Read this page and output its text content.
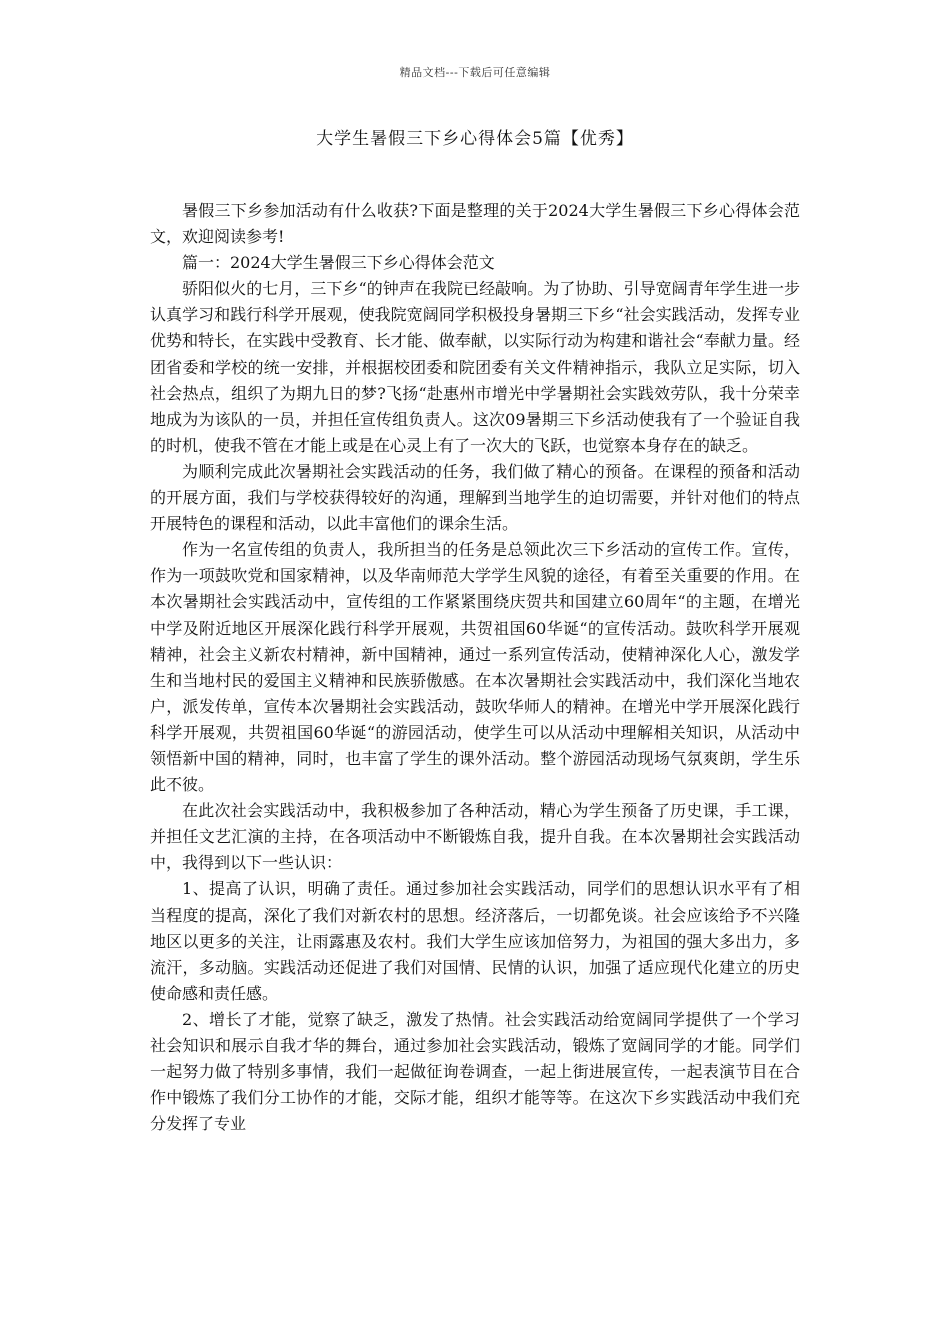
精品文档---下载后可任意编辑
大学生暑假三下乡心得体会5篇【优秀】

暑假三下乡参加活动有什么收获?下面是整理的关于2024大学生暑假三下乡心得体会范文，欢迎阅读参考!

篇一：2024大学生暑假三下乡心得体会范文

骄阳似火的七月，三下乡“的钟声在我院已经敲响。为了协助、引导宽阔青年学生进一步认真学习和践行科学开展观，使我院宽阔同学积极投身暑期三下乡“社会实践活动，发挥专业优势和特长，在实践中受教育、长才能、做奉献，以实际行动为构建和谐社会“奉献力量。经团省委和学校的统一安排，并根据校团委和院团委有关文件精神指示，我队立足实际，切入社会热点，组织了为期九日的梦?飞扬“赴惠州市增光中学暑期社会实践效劳队，我十分荣幸地成为为该队的一员，并担任宣传组负责人。这次09暑期三下乡活动使我有了一个验证自我的时机，使我不管在才能上或是在心灵上有了一次大的飞跃，也觉察本身存在的缺乏。

为顺利完成此次暑期社会实践活动的任务，我们做了精心的预备。在课程的预备和活动的开展方面，我们与学校获得较好的沟通，理解到当地学生的迫切需要，并针对他们的特点开展特色的课程和活动，以此丰富他们的课余生活。

作为一名宣传组的负责人，我所担当的任务是总领此次三下乡活动的宣传工作。宣传，作为一项鼓吹党和国家精神，以及华南师范大学学生风貌的途径，有着至关重要的作用。在本次暑期社会实践活动中，宣传组的工作紧紧围绕庆贺共和国建立60周年“的主题，在增光中学及附近地区开展深化践行科学开展观，共贺祖国60华诞“的宣传活动。鼓吹科学开展观精神，社会主义新农村精神，新中国精神，通过一系列宣传活动，使精神深化人心，激发学生和当地村民的爱国主义精神和民族骄傲感。在本次暑期社会实践活动中，我们深化当地农户，派发传单，宣传本次暑期社会实践活动，鼓吹华师人的精神。在增光中学开展深化践行科学开展观，共贺祖国60华诞“的游园活动，使学生可以从活动中理解相关知识，从活动中领悟新中国的精神，同时，也丰富了学生的课外活动。整个游园活动现场气氛爽朗，学生乐此不彼。

在此次社会实践活动中，我积极参加了各种活动，精心为学生预备了历史课，手工课，并担任文艺汇演的主持，在各项活动中不断锻炼自我，提升自我。在本次暑期社会实践活动中，我得到以下一些认识：

1、提高了认识，明确了责任。通过参加社会实践活动，同学们的思想认识水平有了相当程度的提高，深化了我们对新农村的思想。经济落后，一切都免谈。社会应该给予不兴隆地区以更多的关注，让雨露惠及农村。我们大学生应该加倍努力，为祖国的强大多出力，多流汗，多动脑。实践活动还促进了我们对国情、民情的认识，加强了适应现代化建立的历史使命感和责任感。

2、增长了才能，觉察了缺乏，激发了热情。社会实践活动给宽阔同学提供了一个学习社会知识和展示自我才华的舞台，通过参加社会实践活动，锻炼了宽阔同学的才能。同学们一起努力做了特别多事情，我们一起做征询卷调查，一起上街进展宣传，一起表演节目在合作中锻炼了我们分工协作的才能，交际才能，组织才能等等。在这次下乡实践活动中我们充分发挥了专业
